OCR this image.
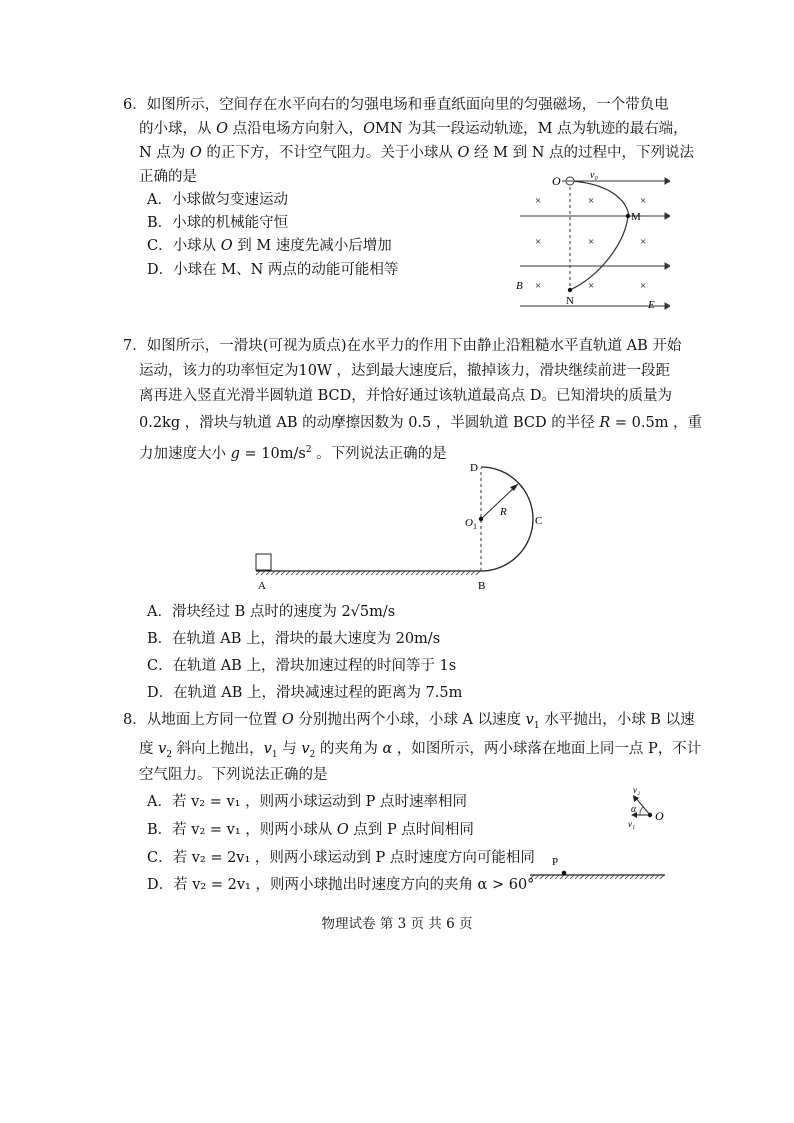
6．如图所示，空间存在水平向右的匀强电场和垂直纸面向里的匀强磁场，一个带负电
的小球，从 O 点沿电场方向射入，OMN 为其一段运动轨迹，M 点为轨迹的最右端，
N 点为 O 的正下方，不计空气阻力。关于小球从 O 经 M 到 N 点的过程中，下列说法
正确的是
A．小球做匀变速运动
B．小球的机械能守恒
C．小球从 O 到 M 速度先减小后增加
D．小球在 M、N 两点的动能可能相等
O	v₀
M
N
B
E
×	×	×
×	×	×
×	×	×
7．如图所示，一滑块(可视为质点)在水平力的作用下由静止沿粗糙水平直轨道 AB 开始
运动，该力的功率恒定为10W ，达到最大速度后，撤掉该力，滑块继续前进一段距
离再进入竖直光滑半圆轨道 BCD，并恰好通过该轨道最高点 D。已知滑块的质量为
0.2kg ，滑块与轨道 AB 的动摩擦因数为 0.5 ，半圆轨道 BCD 的半径 R = 0.5m ，重
力加速度大小 $g = 10m/s^2$ 。下列说法正确的是
D
C
R
$O_1$
A	B
A．滑块经过 B 点时的速度为 2√5m/s
B．在轨道 AB 上，滑块的最大速度为 20m/s
C．在轨道 AB 上，滑块加速过程的时间等于 1s
D．在轨道 AB 上，滑块减速过程的距离为 7.5m
8．从地面上方同一位置 O 分别抛出两个小球，小球 A 以速度 $v_1$ 水平抛出，小球 B 以速
度 $v_2$ 斜向上抛出，$v_1$ 与 $v_2$ 的夹角为 α ，如图所示，两小球落在地面上同一点 P，不计
空气阻力。下列说法正确的是
A．若 v₂ = v₁ ，则两小球运动到 P 点时速率相同
B．若 v₂ = v₁ ，则两小球从 O 点到 P 点时间相同
C．若 v₂ = 2v₁ ，则两小球运动到 P 点时速度方向可能相同
D．若 v₂ = 2v₁ ，则两小球抛出时速度方向的夹角 α > 60°
P
O
v₁
v₂
α
物理试卷 第 3 页 共 6 页
